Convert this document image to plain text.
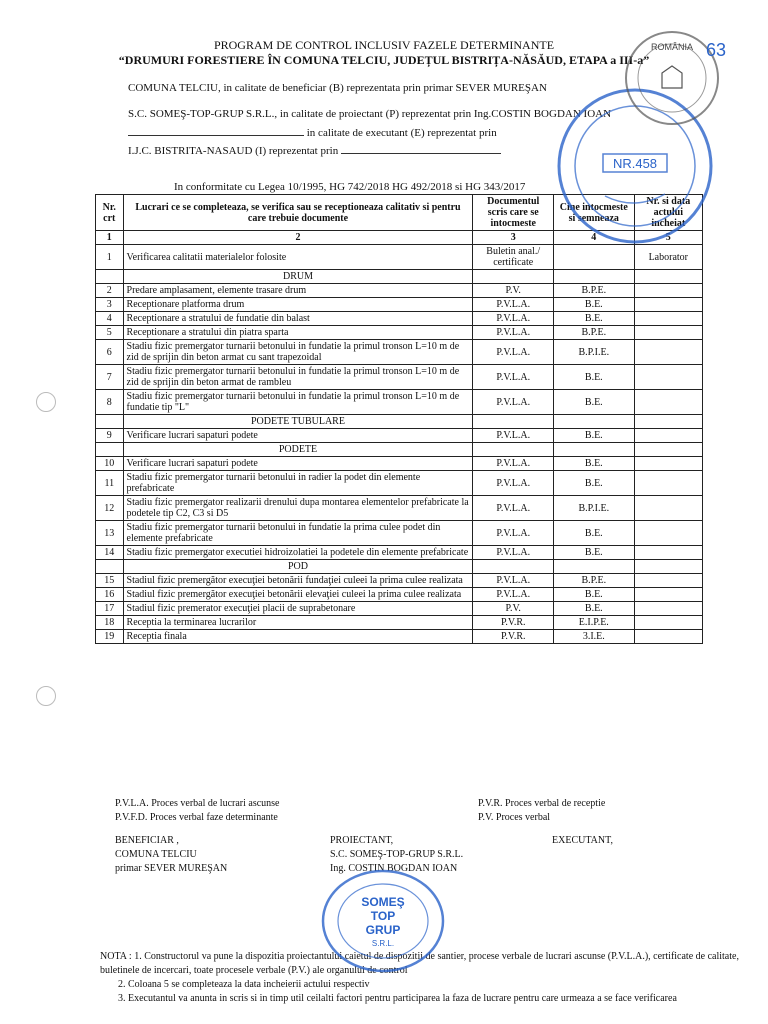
PROGRAM DE CONTROL INCLUSIV FAZELE DETERMINANTE
“DRUMURI FORESTIERE ÎN COMUNA TELCIU, JUDEȚUL BISTRIȚA-NĂSĂUD, ETAPA a III-a”
COMUNA TELCIU, in calitate de beneficiar (B) reprezentata prin primar SEVER MUREŞAN
S.C. SOMEŞ-TOP-GRUP S.R.L., in calitate de proiectant (P) reprezentat prin Ing.COSTIN BOGDAN IOAN
in calitate de executant (E) reprezentat prin
I.J.C. BISTRITA-NASAUD (I) reprezentat prin
In conformitate cu Legea 10/1995, HG 742/2018 HG 492/2018 si HG 343/2017
Nr. crt	Lucrari ce se completeaza, se verifica sau se receptioneaza calitativ si pentru care trebuie documente	Documentul scris care se intocmeste	Cine intocmeste si semneaza	Nr. si data actului incheiat
1	2	3	4	5
1	Verificarea calitatii materialelor folosite	Buletin anal./ certificate		Laborator
	DRUM			
2	Predare amplasament, elemente trasare drum	P.V.	B.P.E.	
3	Receptionare platforma drum	P.V.L.A.	B.E.	
4	Receptionare a stratului de fundatie din balast	P.V.L.A.	B.E.	
5	Receptionare a stratului din piatra sparta	P.V.L.A.	B.P.E.	
6	Stadiu fizic premergator turnarii betonului in fundatie la primul tronson L=10 m de zid de sprijin din beton armat cu sant trapezoidal	P.V.L.A.	B.P.I.E.	
7	Stadiu fizic premergator turnarii betonului in fundatie la primul tronson L=10 m de zid de sprijin din beton armat de rambleu	P.V.L.A.	B.E.	
8	Stadiu fizic premergator turnarii betonului in fundatie la primul tronson L=10 m de fundatie tip "L"	P.V.L.A.	B.E.	
	PODETE TUBULARE			
9	Verificare lucrari sapaturi podete	P.V.L.A.	B.E.	
	PODETE			
10	Verificare lucrari sapaturi podete	P.V.L.A.	B.E.	
11	Stadiu fizic premergator turnarii betonului in radier la podet din elemente prefabricate	P.V.L.A.	B.E.	
12	Stadiu fizic premergator realizarii drenului dupa montarea elementelor prefabricate la podetele tip C2, C3 si D5	P.V.L.A.	B.P.I.E.	
13	Stadiu fizic premergator turnarii betonului in fundatie la prima culee podet din elemente prefabricate	P.V.L.A.	B.E.	
14	Stadiu fizic premergator executiei hidroizolatiei la podetele din elemente prefabricate	P.V.L.A.	B.E.	
	POD			
15	Stadiul fizic premergător execuţiei betonării fundaţiei culeei la prima culee realizata	P.V.L.A.	B.P.E.	
16	Stadiul fizic premergător execuţiei betonării elevaţiei culeei la prima culee realizata	P.V.L.A.	B.E.	
17	Stadiul fizic premerator execuţiei placii de suprabetonare	P.V.	B.E.	
18	Receptia la terminarea lucrarilor	P.V.R.	E.I.P.E.	
19	Receptia finala	P.V.R.	3.I.E.	
P.V.L.A. Proces verbal de lucrari ascunse
P.V.F.D. Proces verbal faze determinante
P.V.R. Proces verbal de receptie
P.V. Proces verbal
BENEFICIAR ,
COMUNA TELCIU
primar SEVER MUREŞAN
PROIECTANT,
S.C. SOMEŞ-TOP-GRUP S.R.L.
Ing. COSTIN BOGDAN IOAN
EXECUTANT,
NOTA : 1. Constructorul va pune la dispozitia proiectantului caietul de dispozitii de santier, procese verbale de lucrari ascunse (P.V.L.A.), certificate de calitate, buletinele de incercari, toate procesele verbale (P.V.) ale organului de control
2. Coloana 5 se completeaza la data incheierii actului respectiv
3. Executantul va anunta in scris si in timp util ceilalti factori pentru participarea la faza de lucrare pentru care urmeaza a se face verificarea
NR.458
ROMÂNIA 63
SOMEŞ
TOP
GRUP
S.R.L.
